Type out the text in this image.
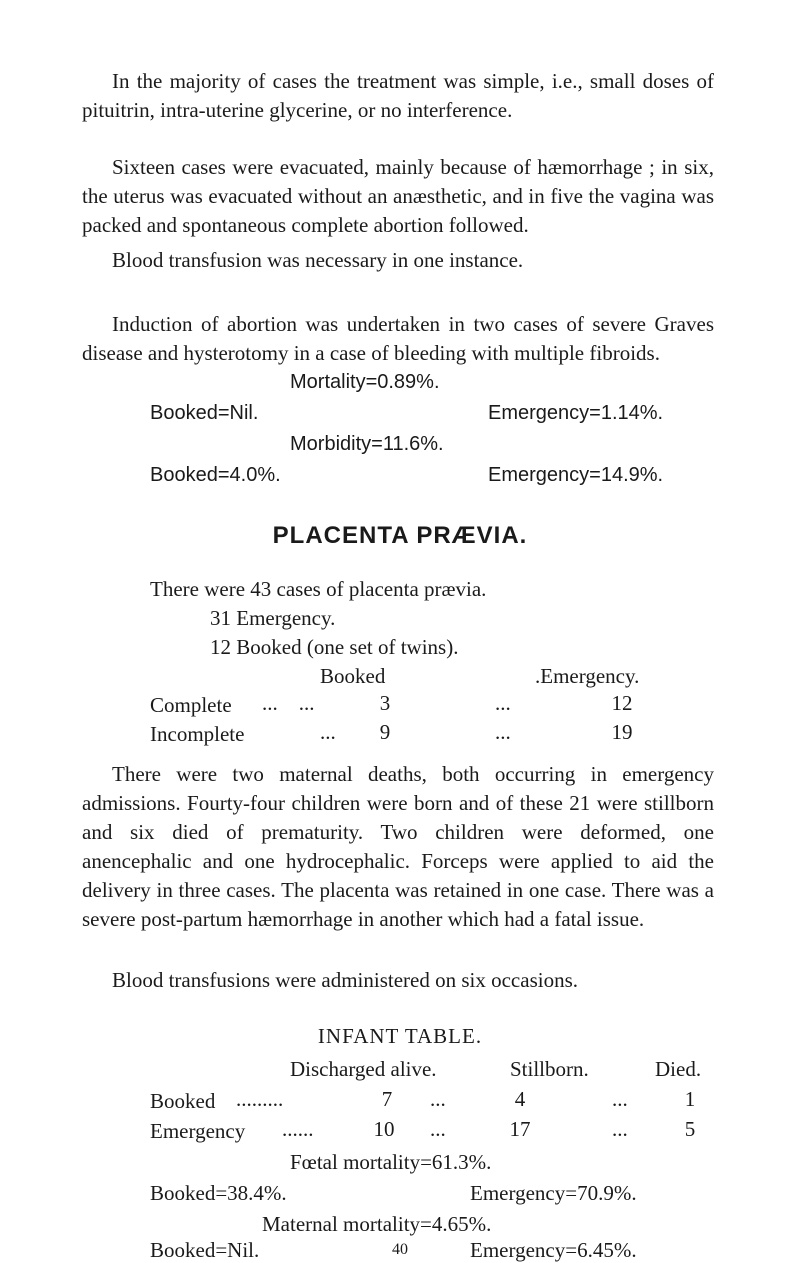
In the majority of cases the treatment was simple, i.e., small doses of pituitrin, intra-uterine glycerine, or no interference.

Sixteen cases were evacuated, mainly because of hæmorrhage ; in six, the uterus was evacuated without an anæsthetic, and in five the vagina was packed and spontaneous complete abortion followed.

Blood transfusion was necessary in one instance.

Induction of abortion was undertaken in two cases of severe Graves disease and hysterotomy in a case of bleeding with multiple fibroids.

Mortality=0.89%.
Booked=Nil.	Emergency=1.14%.
Morbidity=11.6%.
Booked=4.0%.	Emergency=14.9%.
PLACENTA PRÆVIA.
There were 43 cases of placenta prævia.
31 Emergency.
12 Booked (one set of twins).
Booked	.Emergency.
Complete ...    ...	3	...	12
Incomplete	...	9	...	19

There were two maternal deaths, both occurring in emergency admissions. Fourty-four children were born and of these 21 were stillborn and six died of prematurity. Two children were deformed, one anencephalic and one hydrocephalic. Forceps were applied to aid the delivery in three cases. The placenta was retained in one case. There was a severe post-partum hæmorrhage in another which had a fatal issue.

Blood transfusions were administered on six occasions.

INFANT TABLE.
Discharged alive.	Stillborn.	Died.
Booked .........	7	...	4	...	1
Emergency ......	10	...	17	...	5
Fœtal mortality=61.3%.
Booked=38.4%.	Emergency=70.9%.
Maternal mortality=4.65%.
Booked=Nil.	Emergency=6.45%.
40
